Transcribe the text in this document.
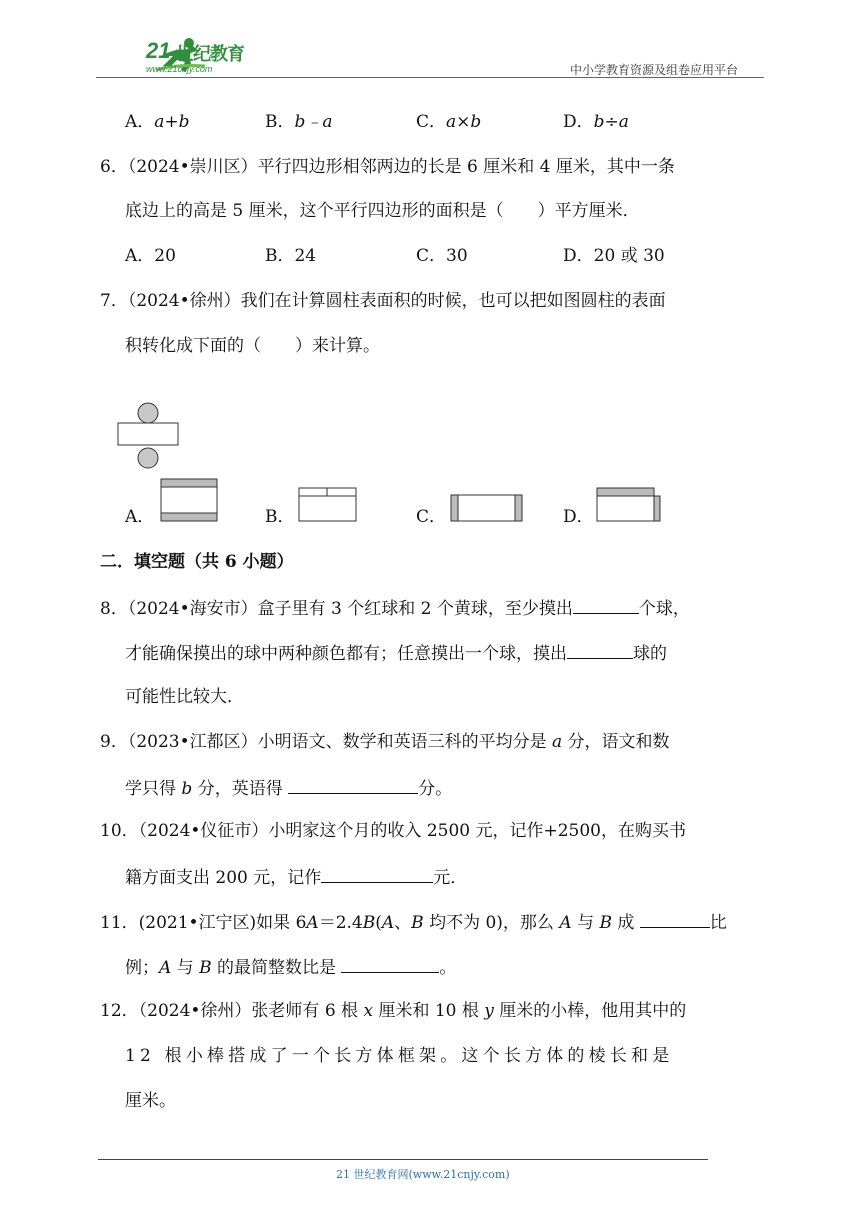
21 世纪教育
www.21cnjy.com	中小学教育资源及组卷应用平台
A．a+b	B．b﹣a	C．a×b	D．b÷a
6．（2024•崇川区）平行四边形相邻两边的长是 6 厘米和 4 厘米，其中一条
底边上的高是 5 厘米，这个平行四边形的面积是（　　）平方厘米．
A．20	B．24	C．30	D．20 或 30
7．（2024•徐州）我们在计算圆柱表面积的时候，也可以把如图圆柱的表面
积转化成下面的（　　）来计算。
A．	B．	C．	D．
二．填空题（共 6 小题）
8．（2024•海安市）盒子里有 3 个红球和 2 个黄球，至少摸出	个球，
才能确保摸出的球中两种颜色都有；任意摸出一个球，摸出	球的
可能性比较大．
9．（2023•江都区）小明语文、数学和英语三科的平均分是 a 分，语文和数
学只得 b 分，英语得	分。
10．（2024•仪征市）小明家这个月的收入 2500 元，记作+2500，在购买书
籍方面支出 200 元，记作	元．
11．(2021•江宁区)如果 6A＝2.4B(A、B 均不为 0)，那么 A 与 B 成	比
例；A 与 B 的最简整数比是	。
12．（2024•徐州）张老师有 6 根 x 厘米和 10 根 y 厘米的小棒，他用其中的
12 根小棒搭成了一个长方体框架。这个长方体的棱长和是
厘米。
21 世纪教育网(www.21cnjy.com)
